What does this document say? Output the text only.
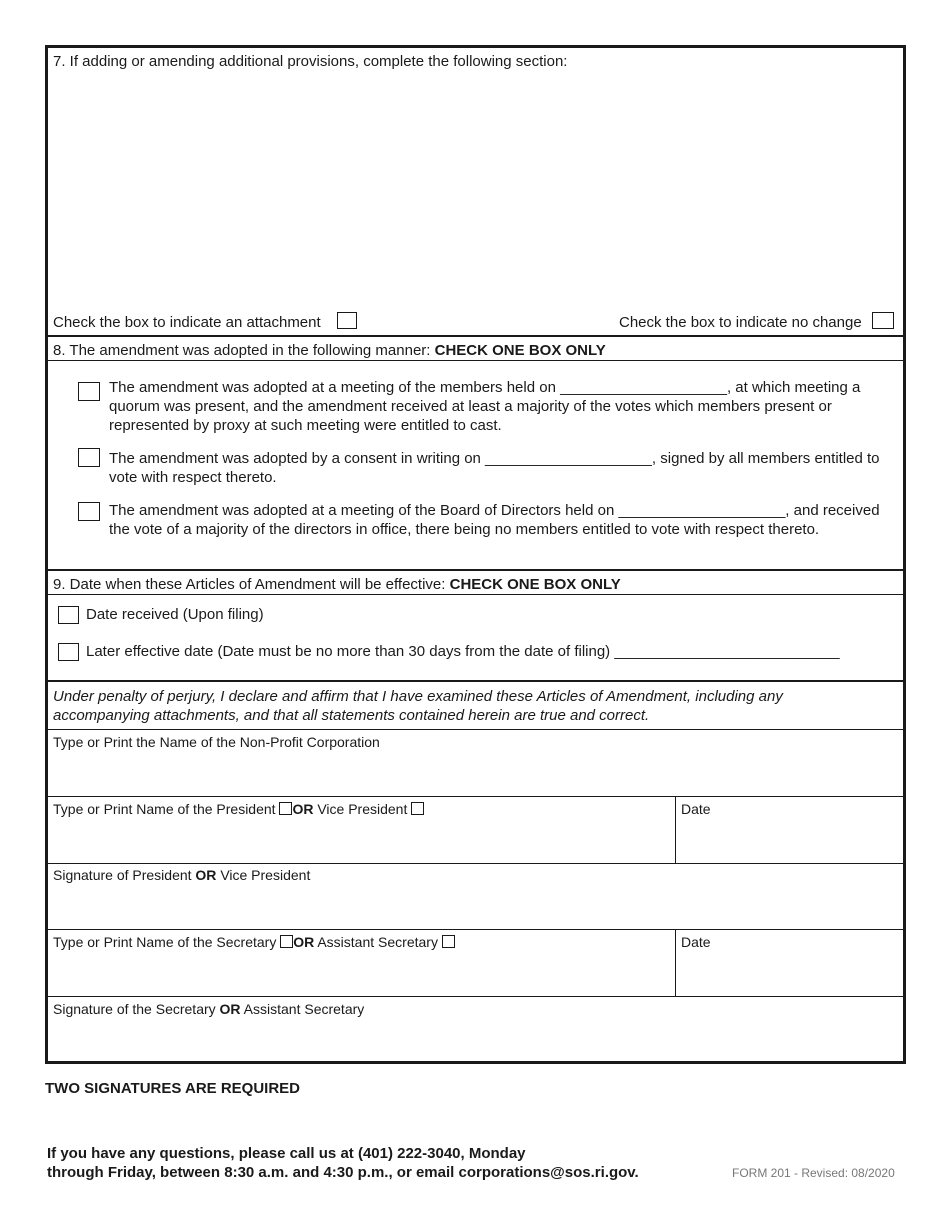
7. If adding or amending additional provisions, complete the following section:
Check the box to indicate an attachment	Check the box to indicate no change
8. The amendment was adopted in the following manner: CHECK ONE BOX ONLY
The amendment was adopted at a meeting of the members held on ____________________, at which meeting a quorum was present, and the amendment received at least a majority of the votes which members present or represented by proxy at such meeting were entitled to cast.
The amendment was adopted by a consent in writing on ____________________, signed by all members entitled to vote with respect thereto.
The amendment was adopted at a meeting of the Board of Directors held on ____________________, and received the vote of a majority of the directors in office, there being no members entitled to vote with respect thereto.
9. Date when these Articles of Amendment will be effective: CHECK ONE BOX ONLY
Date received (Upon filing)
Later effective date (Date must be no more than 30 days from the date of filing) ___________________________
Under penalty of perjury, I declare and affirm that I have examined these Articles of Amendment, including any accompanying attachments, and that all statements contained herein are true and correct.
Type or Print the Name of the Non-Profit Corporation
Type or Print Name of the President OR Vice President	Date
Signature of President OR Vice President
Type or Print Name of the Secretary OR Assistant Secretary	Date
Signature of the Secretary OR Assistant Secretary
TWO SIGNATURES ARE REQUIRED
If you have any questions, please call us at (401) 222-3040, Monday
through Friday, between 8:30 a.m. and 4:30 p.m., or email corporations@sos.ri.gov.	FORM 201 - Revised: 08/2020
